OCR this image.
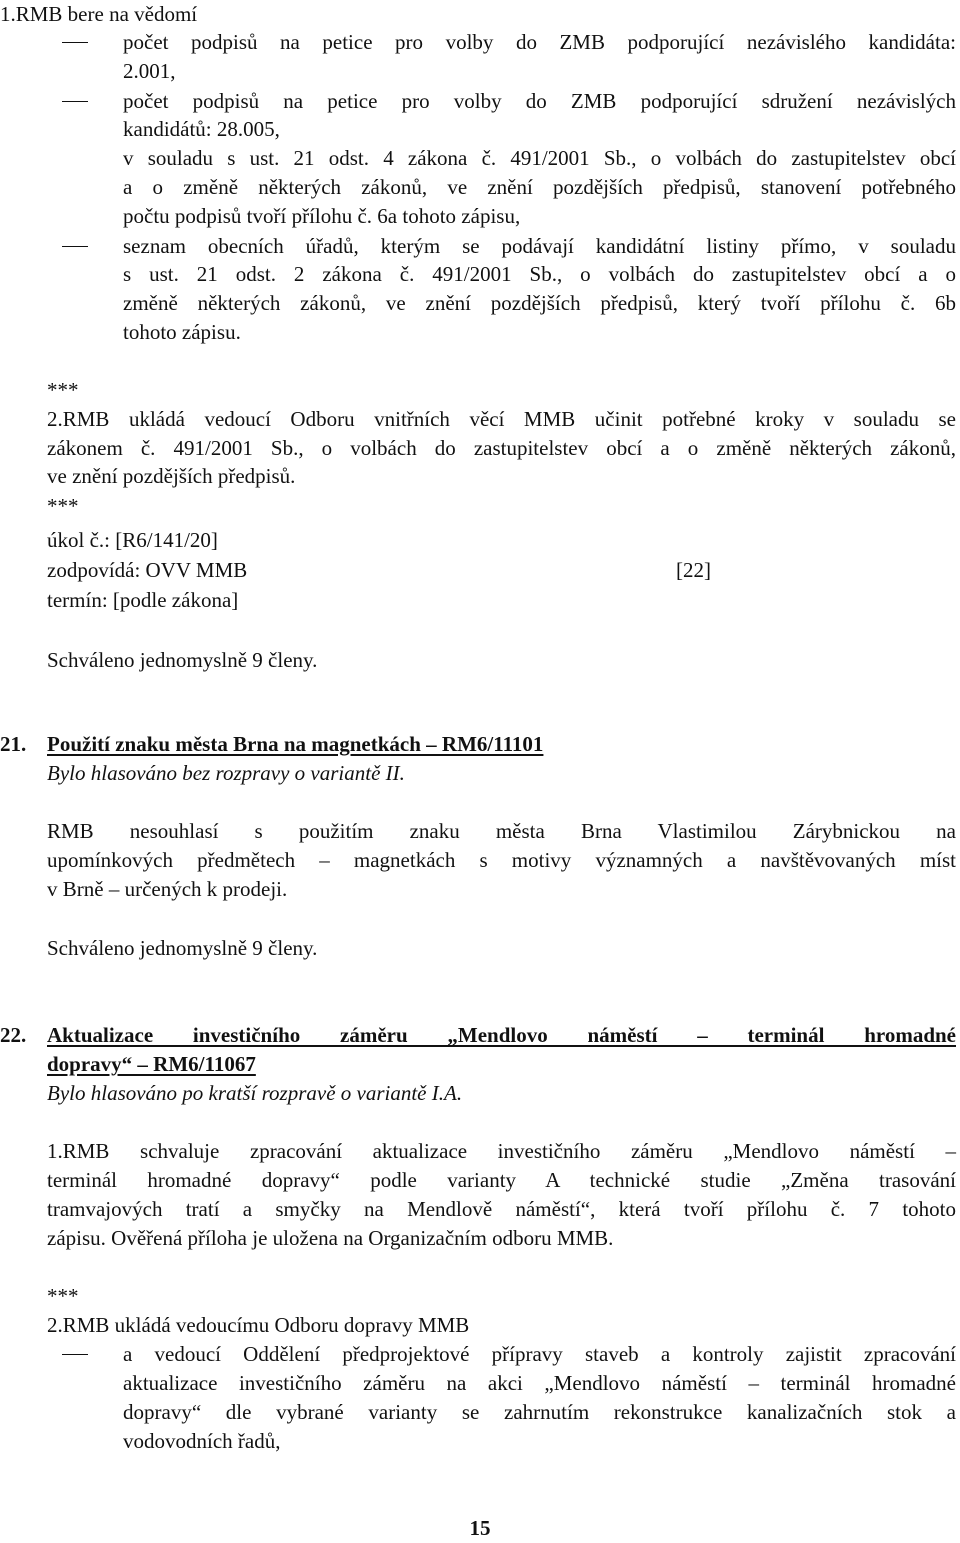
1.RMB bere na vědomí
počet podpisů na petice pro volby do ZMB podporující nezávislého kandidáta:
2.001,
počet podpisů na petice pro volby do ZMB podporující sdružení nezávislých
kandidátů: 28.005,
v souladu s ust. 21 odst. 4 zákona č. 491/2001 Sb., o volbách do zastupitelstev obcí
a o změně některých zákonů, ve znění pozdějších předpisů, stanovení potřebného
počtu podpisů tvoří přílohu č. 6a tohoto zápisu,
seznam obecních úřadů, kterým se podávají kandidátní listiny přímo, v souladu
s ust. 21 odst. 2 zákona č. 491/2001 Sb., o volbách do zastupitelstev obcí a o
změně některých zákonů, ve znění pozdějších předpisů, který tvoří přílohu č. 6b
tohoto zápisu.
***
2.RMB ukládá vedoucí Odboru vnitřních věcí MMB učinit potřebné kroky v souladu se
zákonem č. 491/2001 Sb., o volbách do zastupitelstev obcí a o změně některých zákonů,
ve znění pozdějších předpisů.
***
úkol č.: [R6/141/20]
zodpovídá: OVV MMB	[22]
termín: [podle zákona]
Schváleno jednomyslně 9 členy.
21. Použití znaku města Brna na magnetkách – RM6/11101
Bylo hlasováno bez rozpravy o variantě II.
RMB nesouhlasí s použitím znaku města Brna Vlastimilou Zárybnickou na
upomínkových předmětech – magnetkách s motivy významných a navštěvovaných míst
v Brně – určených k prodeji.
Schváleno jednomyslně 9 členy.
22. Aktualizace investičního záměru „Mendlovo náměstí – terminál hromadné
dopravy“ – RM6/11067
Bylo hlasováno po kratší rozpravě o variantě I.A.
1.RMB schvaluje zpracování aktualizace investičního záměru „Mendlovo náměstí –
terminál hromadné dopravy“ podle varianty A technické studie „Změna trasování
tramvajových tratí a smyčky na Mendlově náměstí“, která tvoří přílohu č. 7 tohoto
zápisu. Ověřená příloha je uložena na Organizačním odboru MMB.
***
2.RMB ukládá vedoucímu Odboru dopravy MMB
a vedoucí Oddělení předprojektové přípravy staveb a kontroly zajistit zpracování
aktualizace investičního záměru na akci „Mendlovo náměstí – terminál hromadné
dopravy“ dle vybrané varianty se zahrnutím rekonstrukce kanalizačních stok a
vodovodních řadů,
15
